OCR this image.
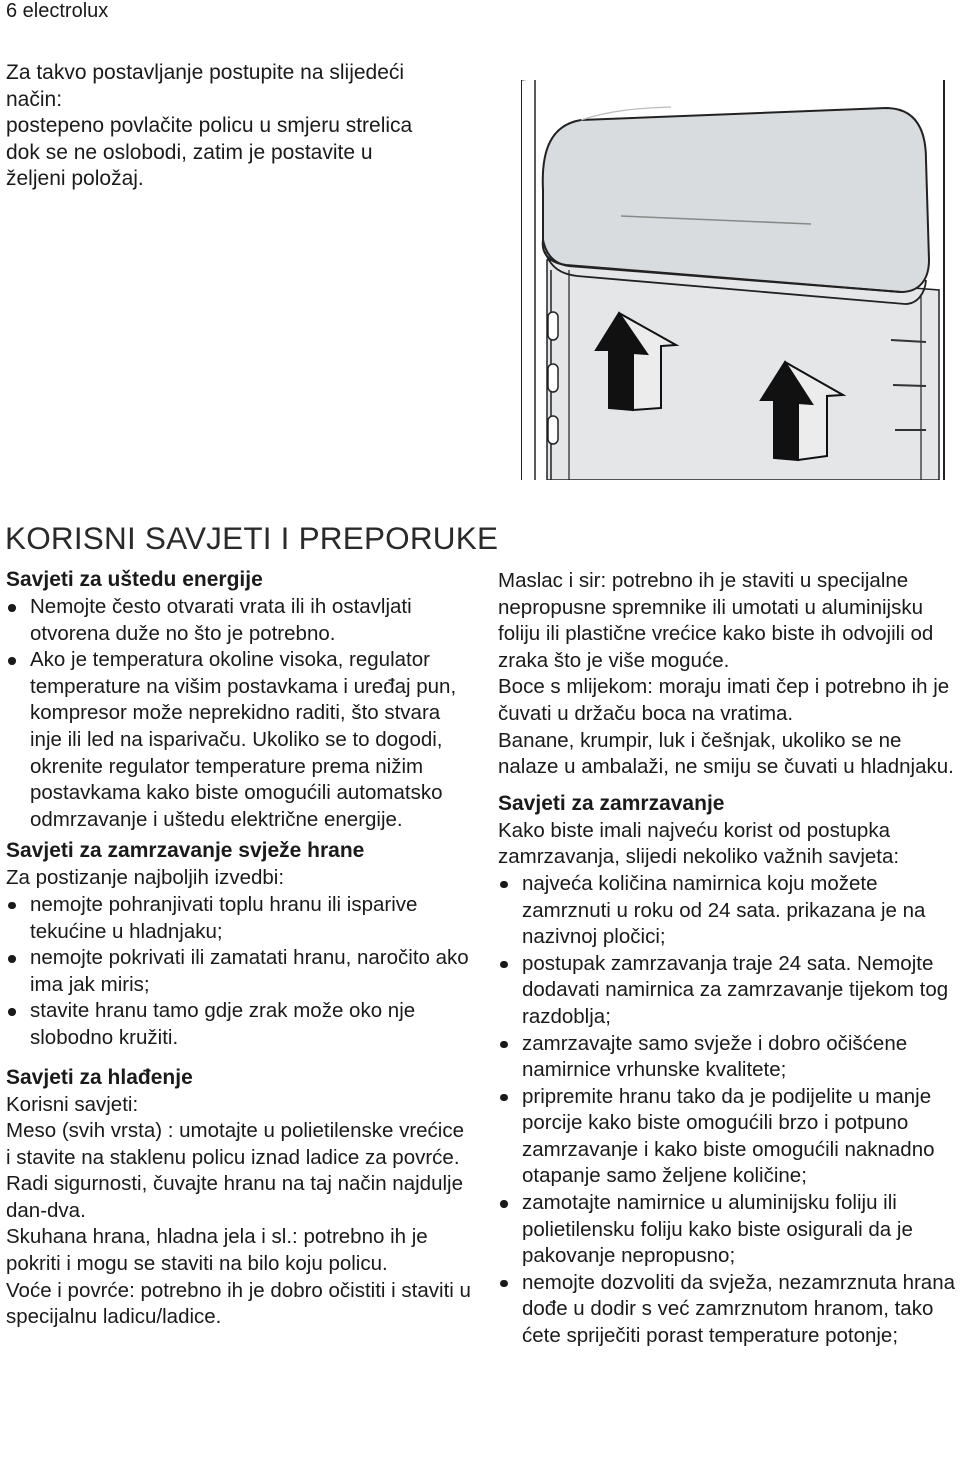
6 electrolux

Za takvo postavljanje postupite na slijedeći

način:

postepeno povlačite policu u smjeru strelica

dok se ne oslobodi, zatim je postavite u

željeni položaj.

KORISNI SAVJETI I PREPORUKE
Savjeti za uštedu energije
Nemojte često otvarati vrata ili ih ostavljati otvorena duže no što je potrebno.
Ako je temperatura okoline visoka, regulator temperature na višim postavkama i uređaj pun, kompresor može neprekidno raditi, što stvara inje ili led na isparivaču. Ukoliko se to dogodi, okrenite regulator temperature prema nižim postavkama kako biste omogućili automatsko odmrzavanje i uštedu električne energije.
Savjeti za zamrzavanje svježe hrane

Za postizanje najboljih izvedbi:

nemojte pohranjivati toplu hranu ili isparive tekućine u hladnjaku;
nemojte pokrivati ili zamatati hranu, naročito ako ima jak miris;
stavite hranu tamo gdje zrak može oko nje slobodno kružiti.
Savjeti za hlađenje

Korisni savjeti:

Meso (svih vrsta) : umotajte u polietilenske vrećice i stavite na staklenu policu iznad ladice za povrće.

Radi sigurnosti, čuvajte hranu na taj način najdulje dan-dva.

Skuhana hrana, hladna jela i sl.: potrebno ih je pokriti i mogu se staviti na bilo koju policu.

Voće i povrće: potrebno ih je dobro očistiti i staviti u specijalnu ladicu/ladice.

Maslac i sir: potrebno ih je staviti u specijalne nepropusne spremnike ili umotati u aluminijsku foliju ili plastične vrećice kako biste ih odvojili od zraka što je više moguće.

Boce s mlijekom: moraju imati čep i potrebno ih je čuvati u držaču boca na vratima.

Banane, krumpir, luk i češnjak, ukoliko se ne nalaze u ambalaži, ne smiju se čuvati u hladnjaku.

Savjeti za zamrzavanje

Kako biste imali najveću korist od postupka zamrzavanja, slijedi nekoliko važnih savjeta:

najveća količina namirnica koju možete zamrznuti u roku od 24 sata. prikazana je na nazivnoj pločici;
postupak zamrzavanja traje 24 sata. Nemojte dodavati namirnica za zamrzavanje tijekom tog razdoblja;
zamrzavajte samo svježe i dobro očišćene namirnice vrhunske kvalitete;
pripremite hranu tako da je podijelite u manje porcije kako biste omogućili brzo i potpuno zamrzavanje i kako biste omogućili naknadno otapanje samo željene količine;
zamotajte namirnice u aluminijsku foliju ili polietilensku foliju kako biste osigurali da je pakovanje nepropusno;
nemojte dozvoliti da svježa, nezamrznuta hrana dođe u dodir s već zamrznutom hranom, tako ćete spriječiti porast temperature potonje;
